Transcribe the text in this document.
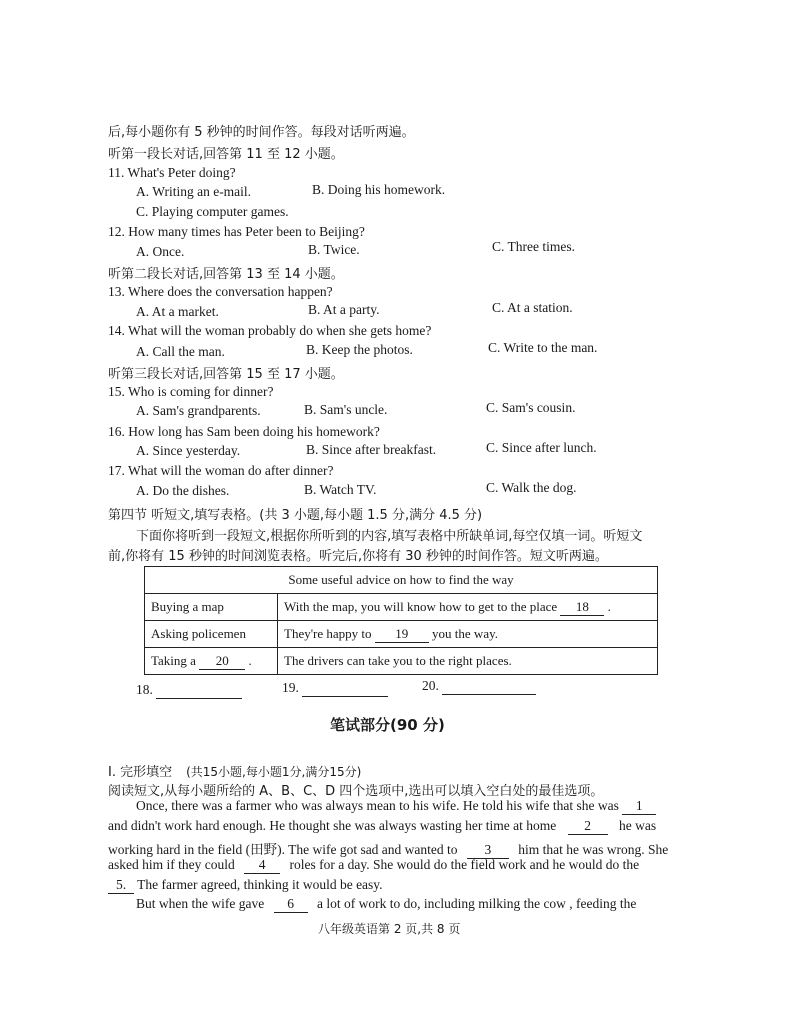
后,每小题你有 5 秒钟的时间作答。每段对话听两遍。
听第一段长对话,回答第 11 至 12 小题。
11. What's Peter doing?
A. Writing an e-mail.	B. Doing his homework.
C. Playing computer games.
12. How many times has Peter been to Beijing?
A. Once.	B. Twice.	C. Three times.
听第二段长对话,回答第 13 至 14 小题。
13. Where does the conversation happen?
A. At a market.	B. At a party.	C. At a station.
14. What will the woman probably do when she gets home?
A. Call the man.	B. Keep the photos.	C. Write to the man.
听第三段长对话,回答第 15 至 17 小题。
15. Who is coming for dinner?
A. Sam's grandparents.	B. Sam's uncle.	C. Sam's cousin.
16. How long has Sam been doing his homework?
A. Since yesterday.	B. Since after breakfast.	C. Since after lunch.
17. What will the woman do after dinner?
A. Do the dishes.	B. Watch TV.	C. Walk the dog.
第四节 听短文,填写表格。(共 3 小题,每小题 1.5 分,满分 4.5 分)
下面你将听到一段短文,根据你所听到的内容,填写表格中所缺单词,每空仅填一词。听短文
前,你将有 15 秒钟的时间浏览表格。听完后,你将有 30 秒钟的时间作答。短文听两遍。
Some useful advice on how to find the way	
Buying a map	With the map, you will know how to get to the place 18 .
Asking policemen	They're happy to 19 you the way.
Taking a 20 .	The drivers can take you to the right places.
18.	19.	20.
笔试部分(90 分)
I. 完形填空 (共15小题,每小题1分,满分15分)
阅读短文,从每小题所给的 A、B、C、D 四个选项中,选出可以填入空白处的最佳选项。
Once, there was a farmer who was always mean to his wife. He told his wife that she was 1
and didn't work hard enough. He thought she was always wasting her time at home 2 he was
working hard in the field (田野). The wife got sad and wanted to 3 him that he was wrong. She
asked him if they could 4 roles for a day. She would do the field work and he would do the
5. The farmer agreed, thinking it would be easy.
But when the wife gave 6 a lot of work to do, including milking the cow , feeding the
八年级英语第 2 页,共 8 页
